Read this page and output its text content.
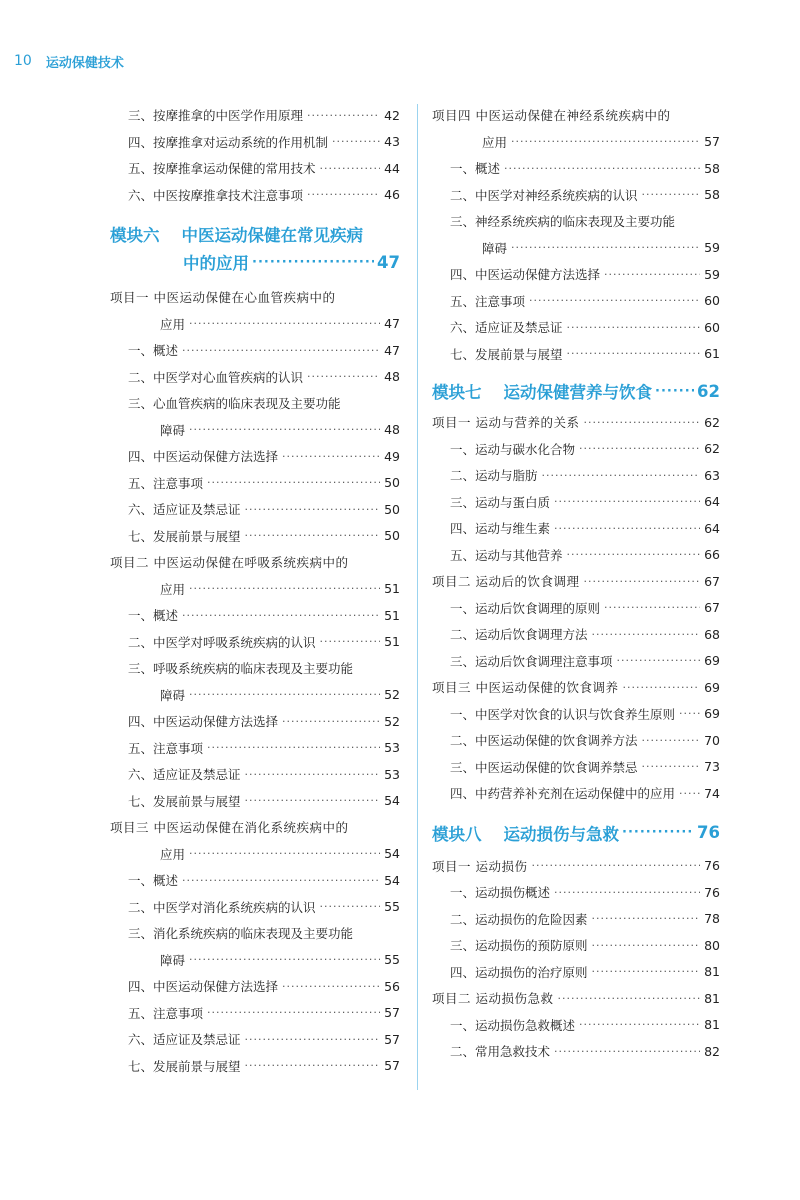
10 运动保健技术
三、按摩推拿的中医学作用原理 ·····	42
四、按摩推拿对运动系统的作用机制 ·····	43
五、按摩推拿运动保健的常用技术 ·····	44
六、中医按摩推拿技术注意事项 ·····	46
模块六 中医运动保健在常见疾病
中的应用 ·····	47
项目一 中医运动保健在心血管疾病中的
应用 ·····	47
一、概述 ·····	47
二、中医学对心血管疾病的认识 ·····	48
三、心血管疾病的临床表现及主要功能
障碍 ·····	48
四、中医运动保健方法选择 ·····	49
五、注意事项 ·····	50
六、适应证及禁忌证 ·····	50
七、发展前景与展望 ·····	50
项目二 中医运动保健在呼吸系统疾病中的
应用 ·····	51
一、概述 ·····	51
二、中医学对呼吸系统疾病的认识 ·····	51
三、呼吸系统疾病的临床表现及主要功能
障碍 ·····	52
四、中医运动保健方法选择 ·····	52
五、注意事项 ·····	53
六、适应证及禁忌证 ·····	53
七、发展前景与展望 ·····	54
项目三 中医运动保健在消化系统疾病中的
应用 ·····	54
一、概述 ·····	54
二、中医学对消化系统疾病的认识 ·····	55
三、消化系统疾病的临床表现及主要功能
障碍 ·····	55
四、中医运动保健方法选择 ·····	56
五、注意事项 ·····	57
六、适应证及禁忌证 ·····	57
七、发展前景与展望 ·····	57
项目四 中医运动保健在神经系统疾病中的
应用 ·····	57
一、概述 ·····	58
二、中医学对神经系统疾病的认识 ·····	58
三、神经系统疾病的临床表现及主要功能
障碍 ·····	59
四、中医运动保健方法选择 ·····	59
五、注意事项 ·····	60
六、适应证及禁忌证 ·····	60
七、发展前景与展望 ·····	61
模块七 运动保健营养与饮食 ·····	62
项目一 运动与营养的关系 ·····	62
一、运动与碳水化合物 ·····	62
二、运动与脂肪 ·····	63
三、运动与蛋白质 ·····	64
四、运动与维生素 ·····	64
五、运动与其他营养 ·····	66
项目二 运动后的饮食调理 ·····	67
一、运动后饮食调理的原则 ·····	67
二、运动后饮食调理方法 ·····	68
三、运动后饮食调理注意事项 ·····	69
项目三 中医运动保健的饮食调养 ·····	69
一、中医学对饮食的认识与饮食养生原则 ····· 69
二、中医运动保健的饮食调养方法 ·····	70
三、中医运动保健的饮食调养禁忌 ·····	73
四、中药营养补充剂在运动保健中的应用 ····· 74
模块八 运动损伤与急救 ·····	76
项目一 运动损伤 ·····	76
一、运动损伤概述 ·····	76
二、运动损伤的危险因素 ·····	78
三、运动损伤的预防原则 ·····	80
四、运动损伤的治疗原则 ·····	81
项目二 运动损伤急救 ·····	81
一、运动损伤急救概述 ·····	81
二、常用急救技术 ·····	82
